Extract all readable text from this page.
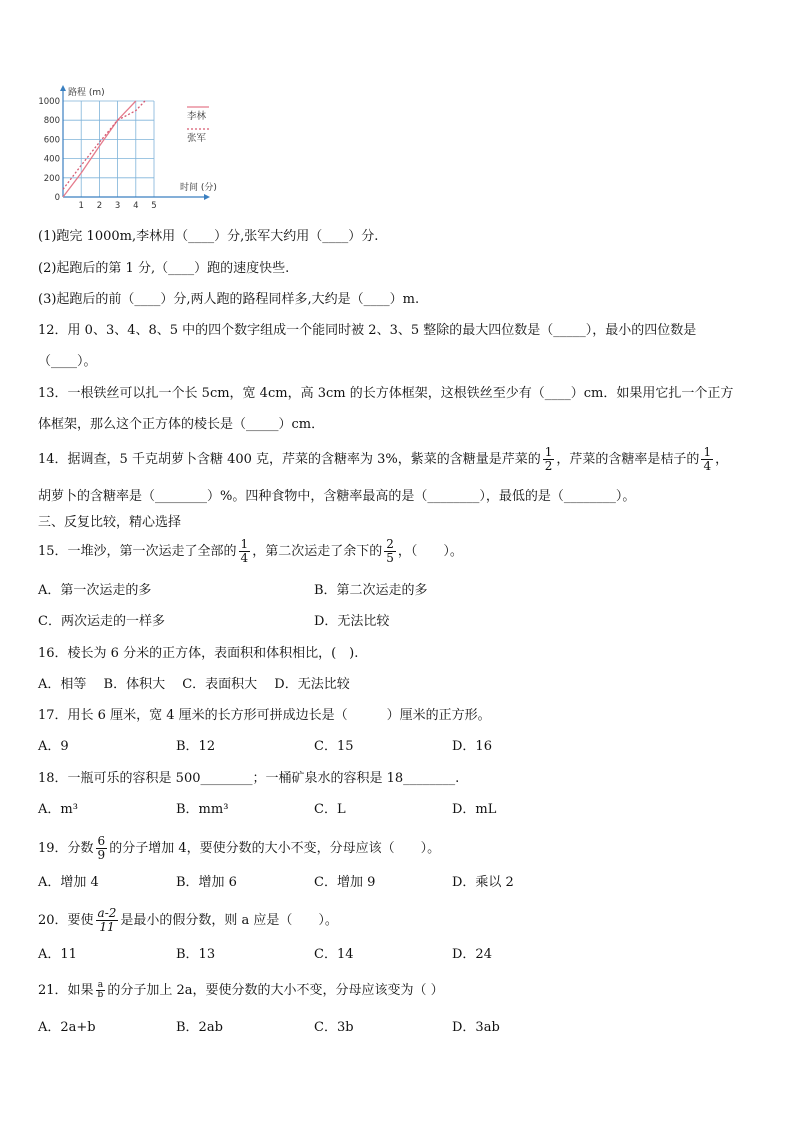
路程 (m)
时间 (分)
1000
800
600
400
200
0
1 2 3 4 5
李林
张军
(1)跑完 1000m,李林用（____）分,张军大约用（____）分.
(2)起跑后的第 1 分,（____）跑的速度快些.
(3)起跑后的前（____）分,两人跑的路程同样多,大约是（____）m.
12．用 0、3、4、8、5 中的四个数字组成一个能同时被 2、3、5 整除的最大四位数是（_____），最小的四位数是
（____）。
13．一根铁丝可以扎一个长 5cm，宽 4cm，高 3cm 的长方体框架，这根铁丝至少有（____）cm．如果用它扎一个正方
体框架，那么这个正方体的棱长是（_____）cm．
14．据调查，5 千克胡萝卜含糖 400 克，芹菜的含糖率为 3%，紫菜的含糖量是芹菜的 $\frac{1}{2}$ ，芹菜的含糖率是桔子的 $\frac{1}{4}$ ，
胡萝卜的含糖率是（________）%。四种食物中，含糖率最高的是（________），最低的是（________）。
三、反复比较，精心选择
15．一堆沙，第一次运走了全部的 $\frac{1}{4}$ ，第二次运走了余下的 $\frac{2}{5}$ ，（　　）。
A．第一次运走的多	B．第二次运走的多
C．两次运走的一样多	D．无法比较
16．棱长为 6 分米的正方体，表面积和体积相比，(　).
A．相等　 B．体积大　 C．表面积大　 D．无法比较
17．用长 6 厘米，宽 4 厘米的长方形可拼成边长是（　　　）厘米的正方形。
A．9	B．12	C．15	D．16
18．一瓶可乐的容积是 500________；一桶矿泉水的容积是 18________.
A．m³	B．mm³	C．L	D．mL
19．分数 $\frac{6}{9}$ 的分子增加 4，要使分数的大小不变，分母应该（　　）。
A．增加 4	B．增加 6	C．增加 9	D．乘以 2
20．要使 $\frac{a-2}{11}$ 是最小的假分数，则 a 应是（　　）。
A．11	B．13	C．14	D．24
21．如果 $\frac{a}{b}$ 的分子加上 2a，要使分数的大小不变，分母应该变为（ ）
A．2a+b	B．2ab	C．3b	D．3ab
